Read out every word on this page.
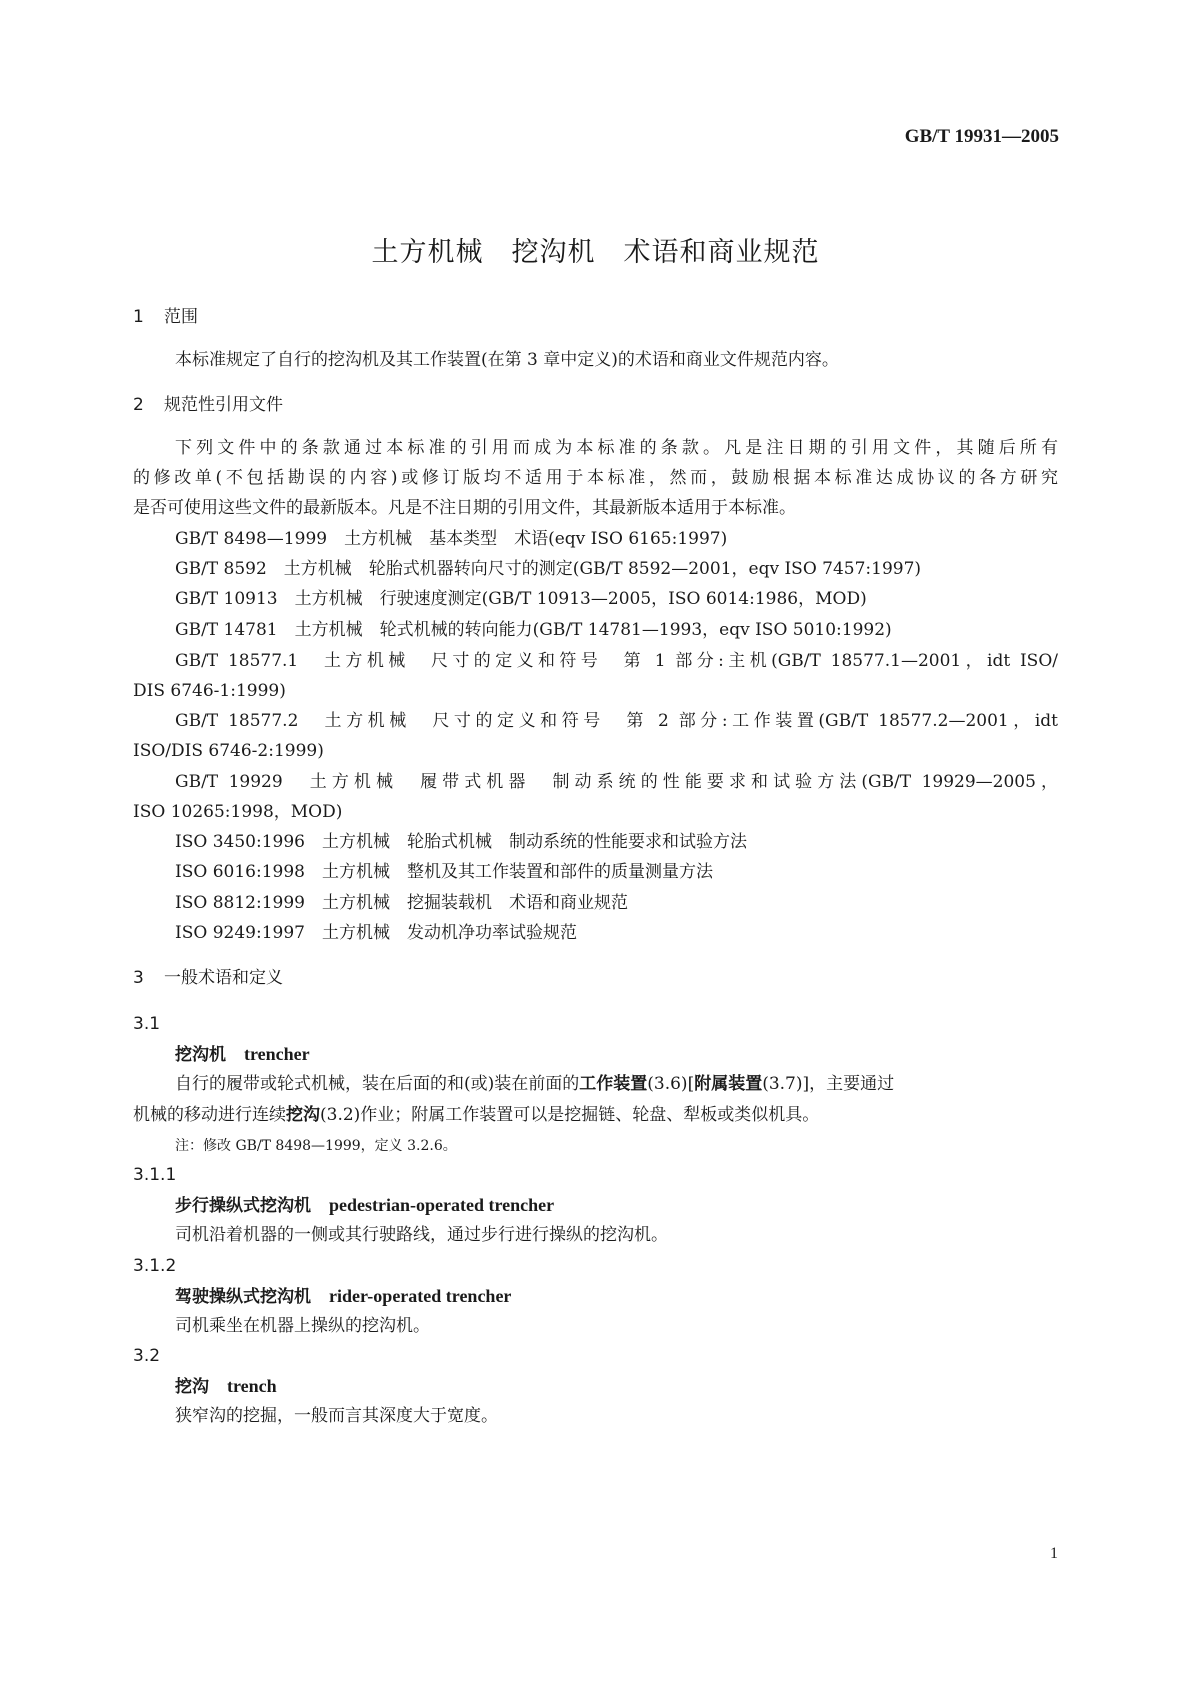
GB/T 19931—2005
土方机械　挖沟机　术语和商业规范
1 范围
本标准规定了自行的挖沟机及其工作装置(在第 3 章中定义)的术语和商业文件规范内容。
2 规范性引用文件
下列文件中的条款通过本标准的引用而成为本标准的条款。凡是注日期的引用文件，其随后所有
的修改单(不包括勘误的内容)或修订版均不适用于本标准，然而，鼓励根据本标准达成协议的各方研究
是否可使用这些文件的最新版本。凡是不注日期的引用文件，其最新版本适用于本标准。
GB/T 8498—1999　土方机械　基本类型　术语(eqv ISO 6165:1997)
GB/T 8592　土方机械　轮胎式机器转向尺寸的测定(GB/T 8592—2001，eqv ISO 7457:1997)
GB/T 10913　土方机械　行驶速度测定(GB/T 10913—2005，ISO 6014:1986，MOD)
GB/T 14781　土方机械　轮式机械的转向能力(GB/T 14781—1993，eqv ISO 5010:1992)
GB/T 18577.1　土方机械　尺寸的定义和符号　第 1 部分:主机(GB/T 18577.1—2001，idt ISO/
DIS 6746-1:1999)
GB/T 18577.2　土方机械　尺寸的定义和符号　第 2 部分:工作装置(GB/T 18577.2—2001，idt
ISO/DIS 6746-2:1999)
GB/T 19929　土方机械　履带式机器　制动系统的性能要求和试验方法(GB/T 19929—2005，
ISO 10265:1998，MOD)
ISO 3450:1996　土方机械　轮胎式机械　制动系统的性能要求和试验方法
ISO 6016:1998　土方机械　整机及其工作装置和部件的质量测量方法
ISO 8812:1999　土方机械　挖掘装载机　术语和商业规范
ISO 9249:1997　土方机械　发动机净功率试验规范
3 一般术语和定义
3.1
挖沟机 trencher
自行的履带或轮式机械，装在后面的和(或)装在前面的工作装置(3.6)[附属装置(3.7)]，主要通过
机械的移动进行连续挖沟(3.2)作业；附属工作装置可以是挖掘链、轮盘、犁板或类似机具。
注：修改 GB/T 8498—1999，定义 3.2.6。
3.1.1
步行操纵式挖沟机 pedestrian-operated trencher
司机沿着机器的一侧或其行驶路线，通过步行进行操纵的挖沟机。
3.1.2
驾驶操纵式挖沟机 rider-operated trencher
司机乘坐在机器上操纵的挖沟机。
3.2
挖沟 trench
狭窄沟的挖掘，一般而言其深度大于宽度。
1
